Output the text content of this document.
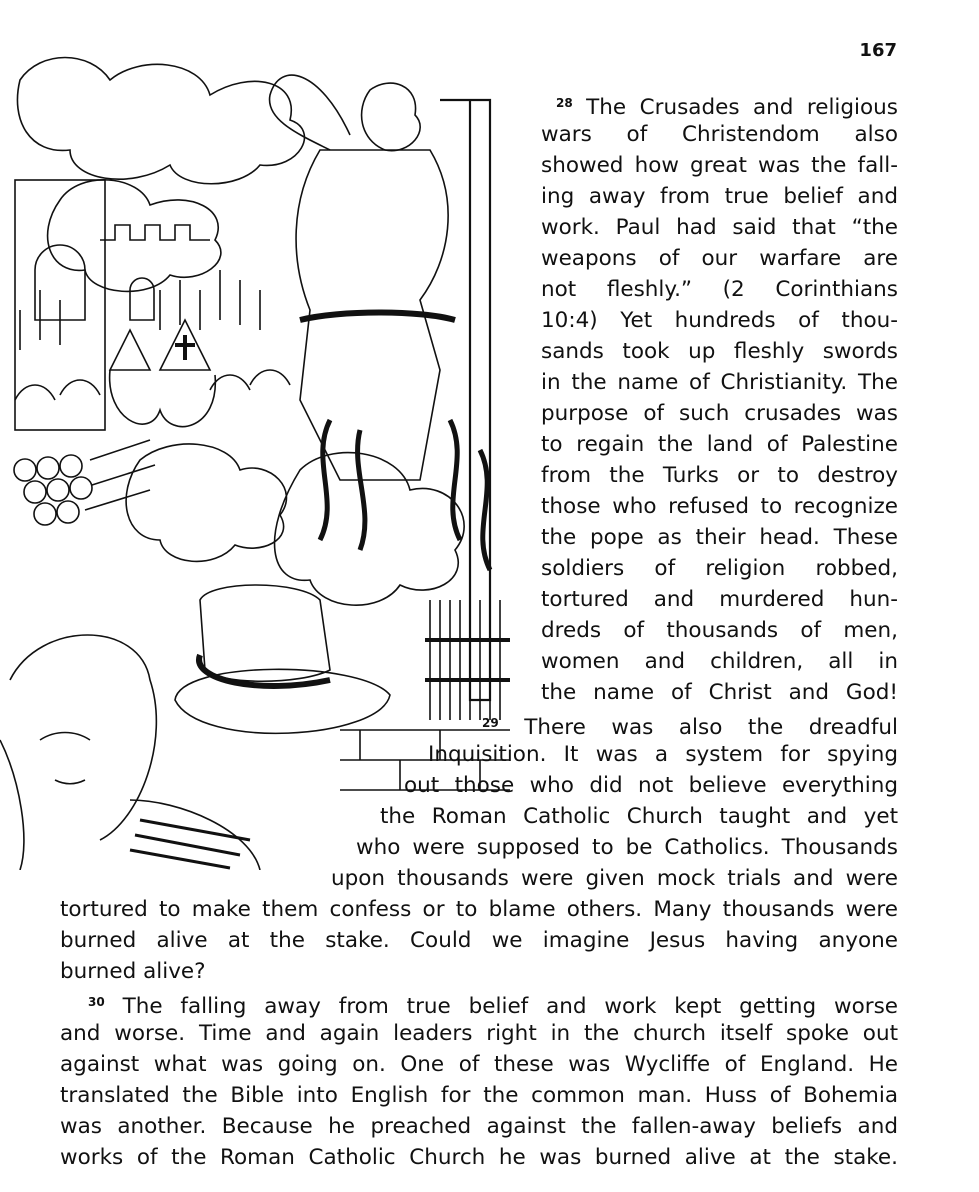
167
$^{28}$ The Crusades and religious
wars of Christendom also
showed how great was the fall-
ing away from true belief and
work. Paul had said that “the
weapons of our warfare are
not fleshly.” (2 Corinthians
10:4) Yet hundreds of thou-
sands took up fleshly swords
in the name of Christianity. The
purpose of such crusades was
to regain the land of Palestine
from the Turks or to destroy
those who refused to recognize
the pope as their head. These
soldiers of religion robbed,
tortured and murdered hun-
dreds of thousands of men,
women and children, all in
the name of Christ and God!
$^{29}$ There was also the dreadful
Inquisition. It was a system for spying
out those who did not believe everything
the Roman Catholic Church taught and yet
who were supposed to be Catholics. Thousands
upon thousands were given mock trials and were
tortured to make them confess or to blame others. Many thousands were
burned alive at the stake. Could we imagine Jesus having anyone
burned alive?
$^{30}$ The falling away from true belief and work kept getting worse
and worse. Time and again leaders right in the church itself spoke out
against what was going on. One of these was Wycliffe of England. He
translated the Bible into English for the common man. Huss of Bohemia
was another. Because he preached against the fallen-away beliefs and
works of the Roman Catholic Church he was burned alive at the stake.
